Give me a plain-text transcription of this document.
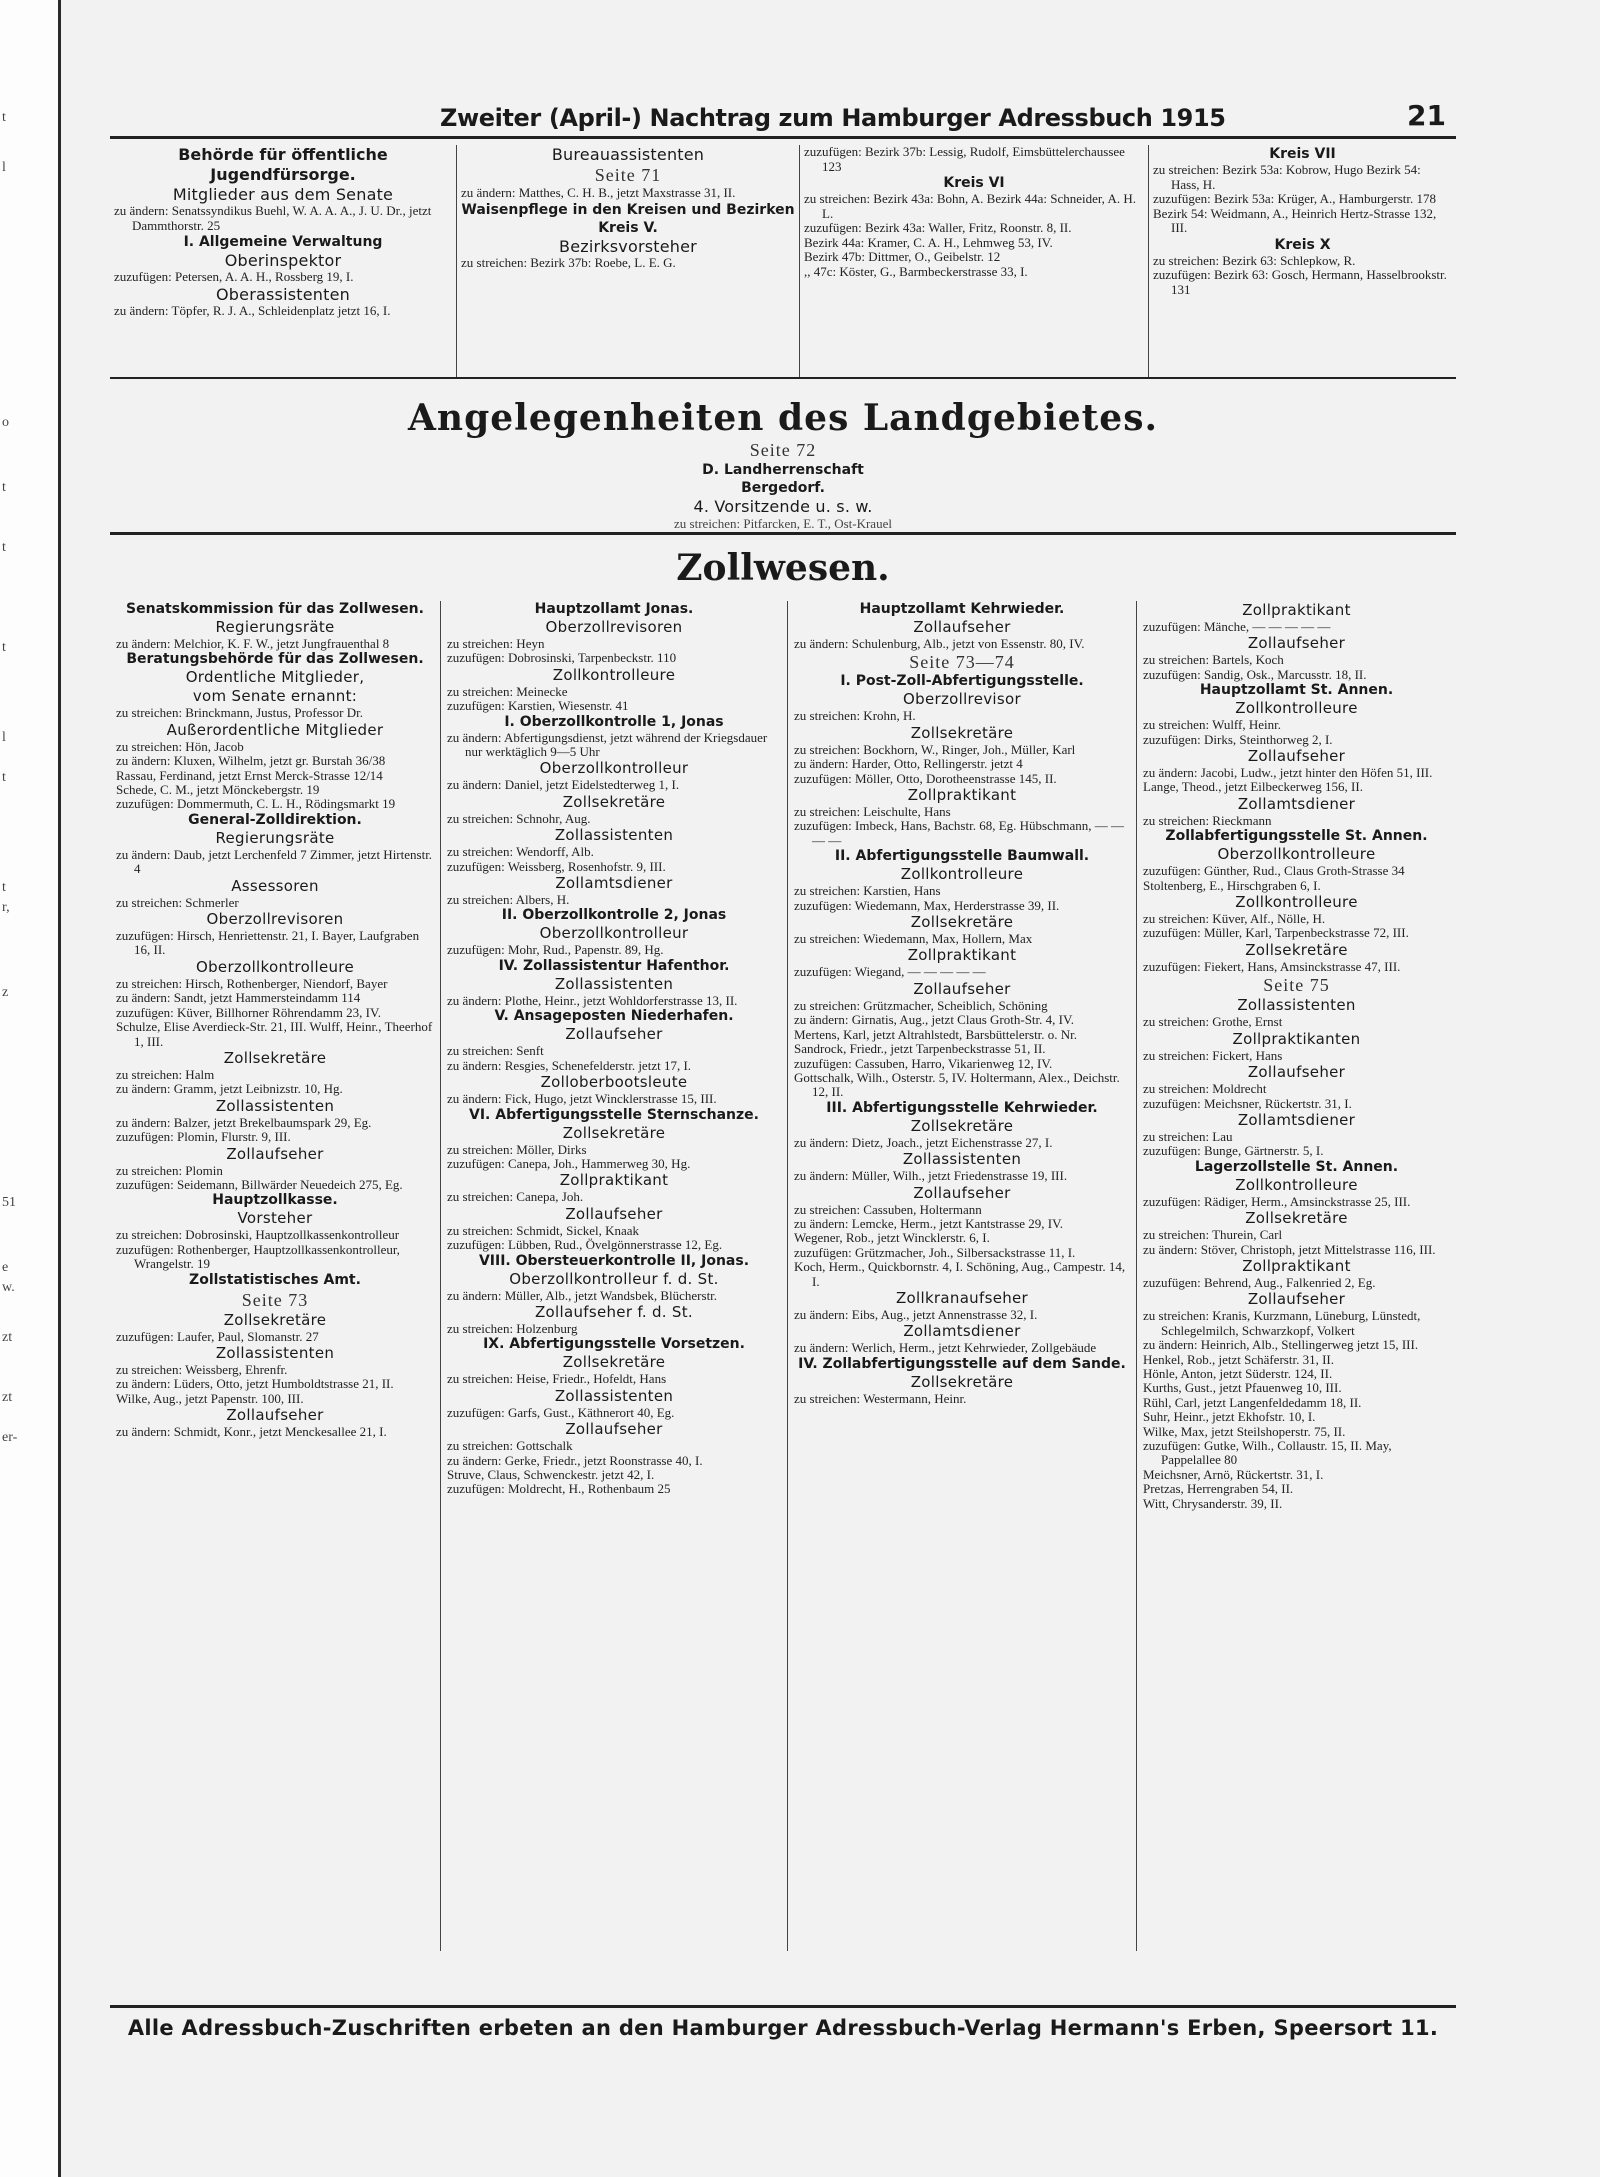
t
l
o
t
t
t
l
t
t
r,
z
51
e
w.
zt
zt
er-
Zweiter (April-) Nachtrag zum Hamburger Adressbuch 1915	21
Behörde für öffentliche Jugendfürsorge.
Mitglieder aus dem Senate
zu ändern: Senatssyndikus Buehl, W. A. A. A., J. U. Dr., jetzt Dammthorstr. 25
I. Allgemeine Verwaltung
Oberinspektor
zuzufügen: Petersen, A. A. H., Rossberg 19, I.
Oberassistenten
zu ändern: Töpfer, R. J. A., Schleidenplatz jetzt 16, I.
Bureauassistenten
Seite 71
zu ändern: Matthes, C. H. B., jetzt Maxstrasse 31, II.
Waisenpflege in den Kreisen und Bezirken
Kreis V.
Bezirksvorsteher
zu streichen: Bezirk 37b: Roebe, L. E. G.
zuzufügen: Bezirk 37b: Lessig, Rudolf, Eimsbüttelerchaussee 123
Kreis VI
zu streichen: Bezirk 43a: Bohn, A. Bezirk 44a: Schneider, A. H. L.
zuzufügen: Bezirk 43a: Waller, Fritz, Roonstr. 8, II.
Bezirk 44a: Kramer, C. A. H., Lehmweg 53, IV.
Bezirk 47b: Dittmer, O., Geibelstr. 12
,, 47c: Köster, G., Barmbeckerstrasse 33, I.
Kreis VII
zu streichen: Bezirk 53a: Kobrow, Hugo Bezirk 54: Hass, H.
zuzufügen: Bezirk 53a: Krüger, A., Hamburgerstr. 178
Bezirk 54: Weidmann, A., Heinrich Hertz-Strasse 132, III.
Kreis X
zu streichen: Bezirk 63: Schlepkow, R.
zuzufügen: Bezirk 63: Gosch, Hermann, Hasselbrookstr. 131
Angelegenheiten des Landgebietes.
Seite 72
D. Landherrenschaft
Bergedorf.
4. Vorsitzende u. s. w.
zu streichen: Pitfarcken, E. T., Ost-Krauel
Zollwesen.
Senatskommission für das Zollwesen.
Regierungsräte
zu ändern: Melchior, K. F. W., jetzt Jungfrauenthal 8
Beratungsbehörde für das Zollwesen.
Ordentliche Mitglieder,
vom Senate ernannt:
zu streichen: Brinckmann, Justus, Professor Dr.
Außerordentliche Mitglieder
zu streichen: Hön, Jacob
zu ändern: Kluxen, Wilhelm, jetzt gr. Burstah 36/38
Rassau, Ferdinand, jetzt Ernst Merck-Strasse 12/14
Schede, C. M., jetzt Mönckebergstr. 19
zuzufügen: Dommermuth, C. L. H., Rödingsmarkt 19
General-Zolldirektion.
Regierungsräte
zu ändern: Daub, jetzt Lerchenfeld 7 Zimmer, jetzt Hirtenstr. 4
Assessoren
zu streichen: Schmerler
Oberzollrevisoren
zuzufügen: Hirsch, Henriettenstr. 21, I. Bayer, Laufgraben 16, II.
Oberzollkontrolleure
zu streichen: Hirsch, Rothenberger, Niendorf, Bayer
zu ändern: Sandt, jetzt Hammersteindamm 114
zuzufügen: Küver, Billhorner Röhrendamm 23, IV.
Schulze, Elise Averdieck-Str. 21, III. Wulff, Heinr., Theerhof 1, III.
Zollsekretäre
zu streichen: Halm
zu ändern: Gramm, jetzt Leibnizstr. 10, Hg.
Zollassistenten
zu ändern: Balzer, jetzt Brekelbaumspark 29, Eg.
zuzufügen: Plomin, Flurstr. 9, III.
Zollaufseher
zu streichen: Plomin
zuzufügen: Seidemann, Billwärder Neuedeich 275, Eg.
Hauptzollkasse.
Vorsteher
zu streichen: Dobrosinski, Hauptzollkassenkontrolleur
zuzufügen: Rothenberger, Hauptzollkassenkontrolleur, Wrangelstr. 19
Zollstatistisches Amt.
Seite 73
Zollsekretäre
zuzufügen: Laufer, Paul, Slomanstr. 27
Zollassistenten
zu streichen: Weissberg, Ehrenfr.
zu ändern: Lüders, Otto, jetzt Humboldtstrasse 21, II.
Wilke, Aug., jetzt Papenstr. 100, III.
Zollaufseher
zu ändern: Schmidt, Konr., jetzt Menckesallee 21, I.
Hauptzollamt Jonas.
Oberzollrevisoren
zu streichen: Heyn
zuzufügen: Dobrosinski, Tarpenbeckstr. 110
Zollkontrolleure
zu streichen: Meinecke
zuzufügen: Karstien, Wiesenstr. 41
I. Oberzollkontrolle 1, Jonas
zu ändern: Abfertigungsdienst, jetzt während der Kriegsdauer nur werktäglich 9—5 Uhr
Oberzollkontrolleur
zu ändern: Daniel, jetzt Eidelstedterweg 1, I.
Zollsekretäre
zu streichen: Schnohr, Aug.
Zollassistenten
zu streichen: Wendorff, Alb.
zuzufügen: Weissberg, Rosenhofstr. 9, III.
Zollamtsdiener
zu streichen: Albers, H.
II. Oberzollkontrolle 2, Jonas
Oberzollkontrolleur
zuzufügen: Mohr, Rud., Papenstr. 89, Hg.
IV. Zollassistentur Hafenthor.
Zollassistenten
zu ändern: Plothe, Heinr., jetzt Wohldorferstrasse 13, II.
V. Ansageposten Niederhafen.
Zollaufseher
zu streichen: Senft
zu ändern: Resgies, Schenefelderstr. jetzt 17, I.
Zolloberbootsleute
zu ändern: Fick, Hugo, jetzt Wincklerstrasse 15, III.
VI. Abfertigungsstelle Sternschanze.
Zollsekretäre
zu streichen: Möller, Dirks
zuzufügen: Canepa, Joh., Hammerweg 30, Hg.
Zollpraktikant
zu streichen: Canepa, Joh.
Zollaufseher
zu streichen: Schmidt, Sickel, Knaak
zuzufügen: Lübben, Rud., Övelgönnerstrasse 12, Eg.
VIII. Obersteuerkontrolle II, Jonas.
Oberzollkontrolleur f. d. St.
zu ändern: Müller, Alb., jetzt Wandsbek, Blücherstr.
Zollaufseher f. d. St.
zu streichen: Holzenburg
IX. Abfertigungsstelle Vorsetzen.
Zollsekretäre
zu streichen: Heise, Friedr., Hofeldt, Hans
Zollassistenten
zuzufügen: Garfs, Gust., Käthnerort 40, Eg.
Zollaufseher
zu streichen: Gottschalk
zu ändern: Gerke, Friedr., jetzt Roonstrasse 40, I.
Struve, Claus, Schwenckestr. jetzt 42, I.
zuzufügen: Moldrecht, H., Rothenbaum 25
Hauptzollamt Kehrwieder.
Zollaufseher
zu ändern: Schulenburg, Alb., jetzt von Essenstr. 80, IV.
Seite 73—74
I. Post-Zoll-Abfertigungsstelle.
Oberzollrevisor
zu streichen: Krohn, H.
Zollsekretäre
zu streichen: Bockhorn, W., Ringer, Joh., Müller, Karl
zu ändern: Harder, Otto, Rellingerstr. jetzt 4
zuzufügen: Möller, Otto, Dorotheenstrasse 145, II.
Zollpraktikant
zu streichen: Leischulte, Hans
zuzufügen: Imbeck, Hans, Bachstr. 68, Eg. Hübschmann, — — — —
II. Abfertigungsstelle Baumwall.
Zollkontrolleure
zu streichen: Karstien, Hans
zuzufügen: Wiedemann, Max, Herderstrasse 39, II.
Zollsekretäre
zu streichen: Wiedemann, Max, Hollern, Max
Zollpraktikant
zuzufügen: Wiegand, — — — — —
Zollaufseher
zu streichen: Grützmacher, Scheiblich, Schöning
zu ändern: Girnatis, Aug., jetzt Claus Groth-Str. 4, IV.
Mertens, Karl, jetzt Altrahlstedt, Barsbüttelerstr. o. Nr.
Sandrock, Friedr., jetzt Tarpenbeckstrasse 51, II.
zuzufügen: Cassuben, Harro, Vikarienweg 12, IV.
Gottschalk, Wilh., Osterstr. 5, IV. Holtermann, Alex., Deichstr. 12, II.
III. Abfertigungsstelle Kehrwieder.
Zollsekretäre
zu ändern: Dietz, Joach., jetzt Eichenstrasse 27, I.
Zollassistenten
zu ändern: Müller, Wilh., jetzt Friedenstrasse 19, III.
Zollaufseher
zu streichen: Cassuben, Holtermann
zu ändern: Lemcke, Herm., jetzt Kantstrasse 29, IV.
Wegener, Rob., jetzt Wincklerstr. 6, I.
zuzufügen: Grützmacher, Joh., Silbersackstrasse 11, I.
Koch, Herm., Quickbornstr. 4, I. Schöning, Aug., Campestr. 14, I.
Zollkranaufseher
zu ändern: Eibs, Aug., jetzt Annenstrasse 32, I.
Zollamtsdiener
zu ändern: Werlich, Herm., jetzt Kehrwieder, Zollgebäude
IV. Zollabfertigungsstelle auf dem Sande.
Zollsekretäre
zu streichen: Westermann, Heinr.
Zollpraktikant
zuzufügen: Mänche, — — — — —
Zollaufseher
zu streichen: Bartels, Koch
zuzufügen: Sandig, Osk., Marcusstr. 18, II.
Hauptzollamt St. Annen.
Zollkontrolleure
zu streichen: Wulff, Heinr.
zuzufügen: Dirks, Steinthorweg 2, I.
Zollaufseher
zu ändern: Jacobi, Ludw., jetzt hinter den Höfen 51, III.
Lange, Theod., jetzt Eilbeckerweg 156, II.
Zollamtsdiener
zu streichen: Rieckmann
Zollabfertigungsstelle St. Annen.
Oberzollkontrolleure
zuzufügen: Günther, Rud., Claus Groth-Strasse 34
Stoltenberg, E., Hirschgraben 6, I.
Zollkontrolleure
zu streichen: Küver, Alf., Nölle, H.
zuzufügen: Müller, Karl, Tarpenbeckstrasse 72, III.
Zollsekretäre
zuzufügen: Fiekert, Hans, Amsinckstrasse 47, III.
Seite 75
Zollassistenten
zu streichen: Grothe, Ernst
Zollpraktikanten
zu streichen: Fickert, Hans
Zollaufseher
zu streichen: Moldrecht
zuzufügen: Meichsner, Rückertstr. 31, I.
Zollamtsdiener
zu streichen: Lau
zuzufügen: Bunge, Gärtnerstr. 5, I.
Lagerzollstelle St. Annen.
Zollkontrolleure
zuzufügen: Rädiger, Herm., Amsinckstrasse 25, III.
Zollsekretäre
zu streichen: Thurein, Carl
zu ändern: Stöver, Christoph, jetzt Mittelstrasse 116, III.
Zollpraktikant
zuzufügen: Behrend, Aug., Falkenried 2, Eg.
Zollaufseher
zu streichen: Kranis, Kurzmann, Lüneburg, Lünstedt, Schlegelmilch, Schwarzkopf, Volkert
zu ändern: Heinrich, Alb., Stellingerweg jetzt 15, III.
Henkel, Rob., jetzt Schäferstr. 31, II.
Hönle, Anton, jetzt Süderstr. 124, II.
Kurths, Gust., jetzt Pfauenweg 10, III.
Rühl, Carl, jetzt Langenfeldedamm 18, II.
Suhr, Heinr., jetzt Ekhofstr. 10, I.
Wilke, Max, jetzt Steilshoperstr. 75, II.
zuzufügen: Gutke, Wilh., Collaustr. 15, II. May, Pappelallee 80
Meichsner, Arnö, Rückertstr. 31, I.
Pretzas, Herrengraben 54, II.
Witt, Chrysanderstr. 39, II.
Alle Adressbuch-Zuschriften erbeten an den Hamburger Adressbuch-Verlag Hermann's Erben, Speersort 11.
